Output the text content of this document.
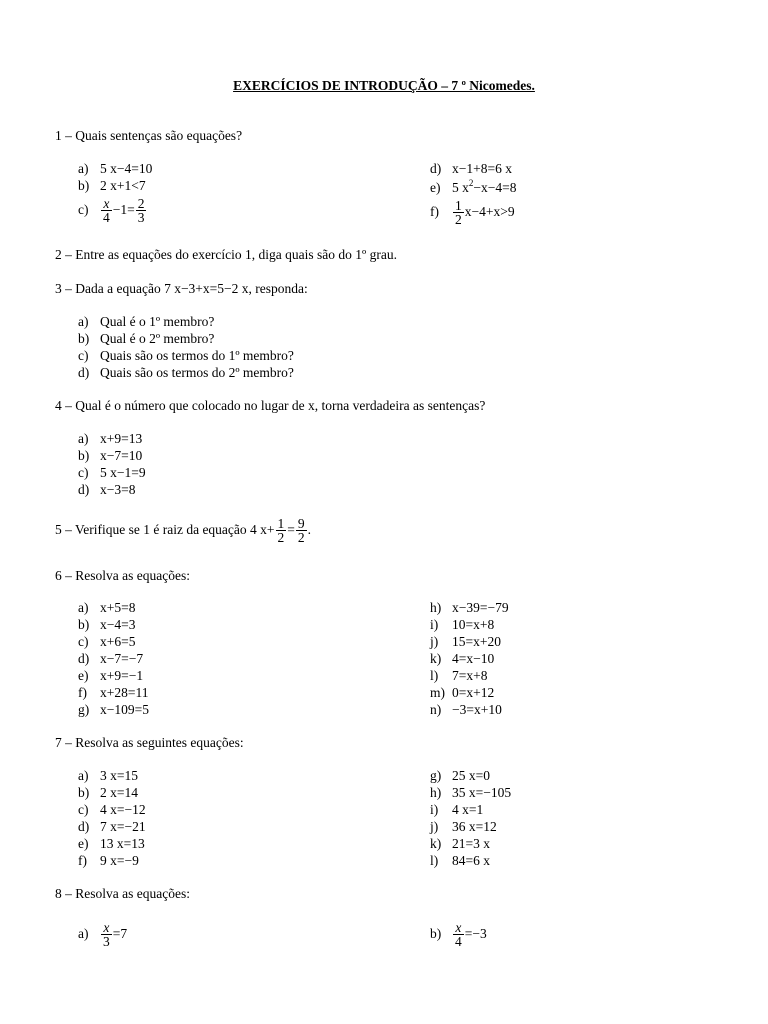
EXERCÍCIOS DE INTRODUÇÃO – 7 º Nicomedes.
1 – Quais sentenças são equações?
a) 5 x−4=10
b) 2 x+1<7
$c) \frac{x}{4} -1= \frac{2}{3}$
d) x−1+8=6 x
e) 5 $x^2-x-4=8$
$f) \frac{1}{2} x-4+x>9$
2 – Entre as equações do exercício 1, diga quais são do 1º grau.
3 – Dada a equação 7 x−3+x=5−2 x, responda:
a) Qual é o 1º membro?
b) Qual é o 2º membro?
c) Quais são os termos do 1º membro?
d) Quais são os termos do 2º membro?
4 – Qual é o número que colocado no lugar de x, torna verdadeira as sentenças?
a) x+9=13
b) x−7=10
c) 5 x−1=9
d) x−3=8
5 – Verifique se 1 é raiz da equação 4 $x+ \frac{1}{2} = \frac{9}{2}$ .
6 – Resolva as equações:
a) x+5=8
b) x−4=3
c) x+6=5
d) x−7=−7
e) x+9=−1
f) x+28=11
g) x−109=5
h) x−39=−79
i) 10=x+8
j) 15=x+20
k) 4=x−10
l) 7=x+8
m) 0=x+12
n) −3=x+10
7 – Resolva as seguintes equações:
a) 3 x=15
b) 2 x=14
c) 4 x=−12
d) 7 x=−21
e) 13 x=13
f) 9 x=−9
g) 25 x=0
h) 35 x=−105
i) 4 x=1
j) 36 x=12
k) 21=3 x
l) 84=6 x
8 – Resolva as equações:
$a) \frac{x}{3} =7$	$b) \frac{x}{4} =-3$
